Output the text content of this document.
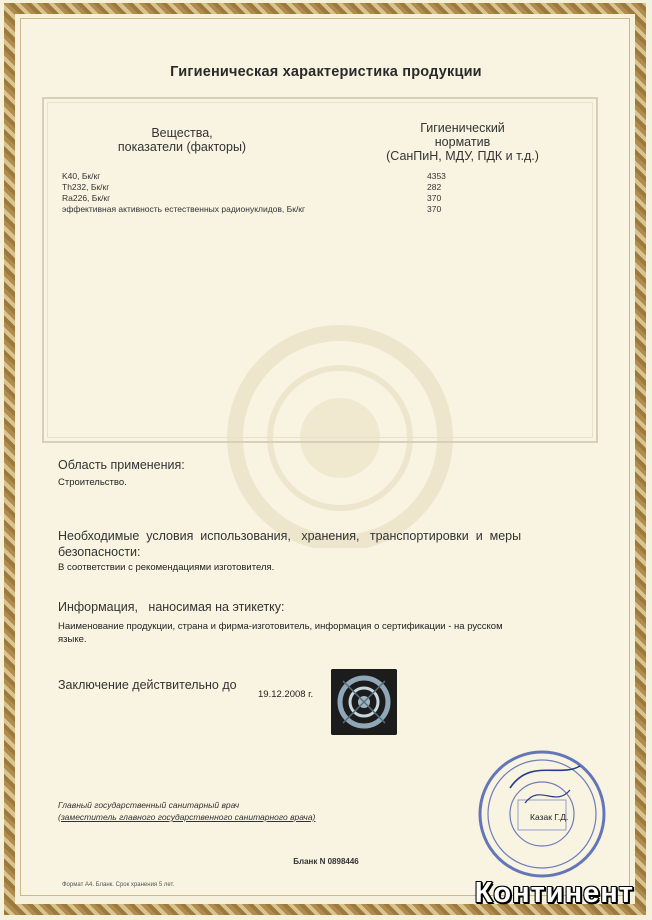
Гигиеническая характеристика продукции
Вещества,
показатели (факторы)
Гигиенический
норматив
(СанПиН, МДУ, ПДК и т.д.)
K40, Бк/кг	4353
Th232, Бк/кг	282
Ra226, Бк/кг	370
эффективная активность естественных радионуклидов, Бк/кг	370
Область применения:
Строительство.
Необходимые  условия  использования,   хранения,   транспортировки  и  меры
безопасности:
В соответствии с рекомендациями изготовителя.
Информация,   наносимая на этикетку:
Наименование продукции, страна и фирма-изготовитель, информация о сертификации - на русском
языке.
Заключение действительно до
19.12.2008 г.
Главный государственный санитарный врач
(заместитель главного государственного санитарного врача)	Казак Г.Д.
Бланк N 0898446
Формат А4. Бланк. Срок хранения 5 лет.	Континент
